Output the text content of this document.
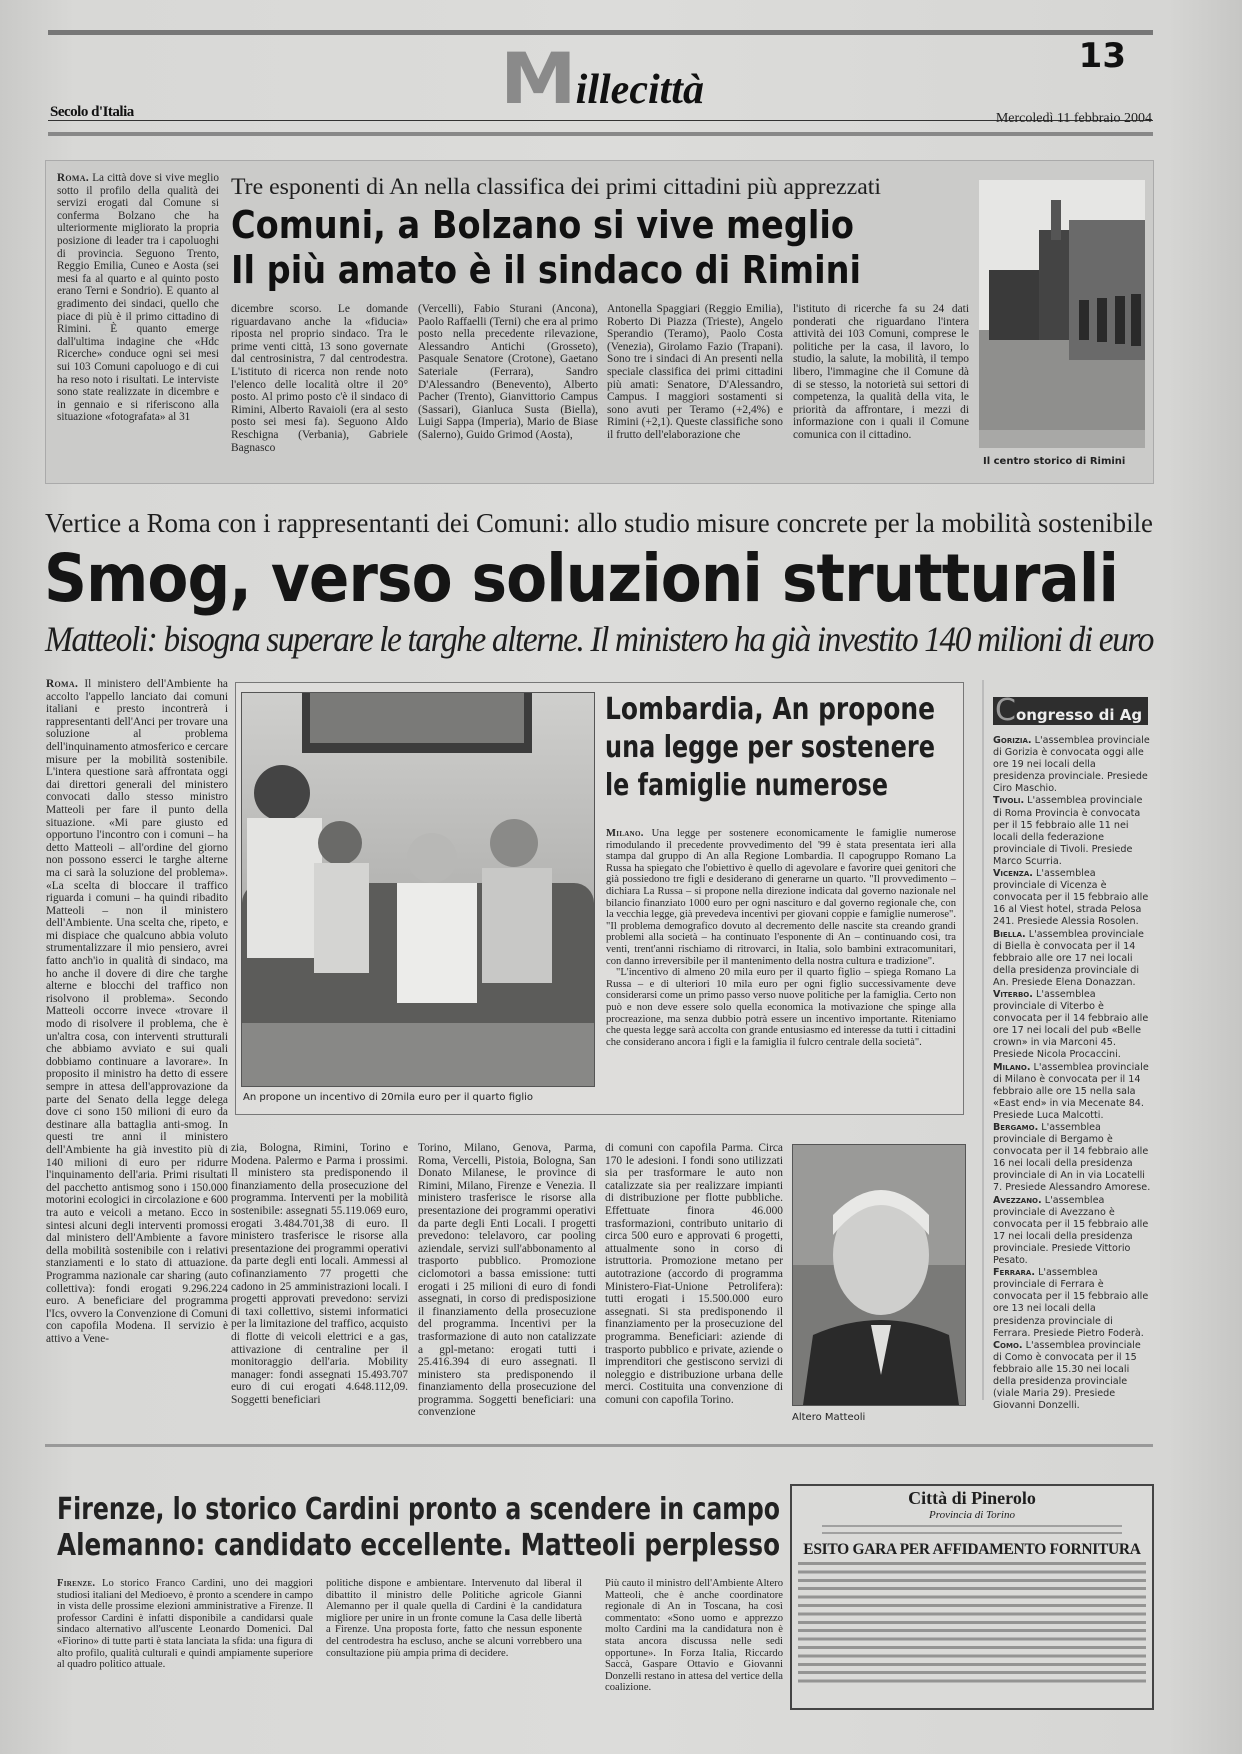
Millecittà
13
Secolo d'Italia	Mercoledì 11 febbraio 2004

Roma. La città dove si vive meglio sotto il profilo della qualità dei servizi erogati dal Comune si conferma Bolzano che ha ulteriormente migliorato la propria posizione di leader tra i capoluoghi di provincia. Seguono Trento, Reggio Emilia, Cuneo e Aosta (sei mesi fa al quarto e al quinto posto erano Terni e Sondrio). E quanto al gradimento dei sindaci, quello che piace di più è il primo cittadino di Rimini. È quanto emerge dall'ultima indagine che «Hdc Ricerche» conduce ogni sei mesi sui 103 Comuni capoluogo e di cui ha reso noto i risultati. Le interviste sono state realizzate in dicembre e in gennaio e si riferiscono alla situazione «fotografata» al 31

Tre esponenti di An nella classifica dei primi cittadini più apprezzati
Comuni, a Bolzano si vive meglio
Il più amato è il sindaco di Rimini
dicembre scorso. Le domande riguardavano anche la «fiducia» riposta nel proprio sindaco. Tra le prime venti città, 13 sono governate dal centrosinistra, 7 dal centrodestra. L'istituto di ricerca non rende noto l'elenco delle località oltre il 20° posto. Al primo posto c'è il sindaco di Rimini, Alberto Ravaioli (era al sesto posto sei mesi fa). Seguono Aldo Reschigna (Verbania), Gabriele Bagnasco
(Vercelli), Fabio Sturani (Ancona), Paolo Raffaelli (Terni) che era al primo posto nella precedente rilevazione, Alessandro Antichi (Grosseto), Pasquale Senatore (Crotone), Gaetano Sateriale (Ferrara), Sandro D'Alessandro (Benevento), Alberto Pacher (Trento), Gianvittorio Campus (Sassari), Gianluca Susta (Biella), Luigi Sappa (Imperia), Mario de Biase (Salerno), Guido Grimod (Aosta),
Antonella Spaggiari (Reggio Emilia), Roberto Di Piazza (Trieste), Angelo Sperandio (Teramo), Paolo Costa (Venezia), Girolamo Fazio (Trapani). Sono tre i sindaci di An presenti nella speciale classifica dei primi cittadini più amati: Senatore, D'Alessandro, Campus. I maggiori sostamenti si sono avuti per Teramo (+2,4%) e Rimini (+2,1). Queste classifiche sono il frutto dell'elaborazione che
l'istituto di ricerche fa su 24 dati ponderati che riguardano l'intera attività dei 103 Comuni, comprese le politiche per la casa, il lavoro, lo studio, la salute, la mobilità, il tempo libero, l'immagine che il Comune dà di se stesso, la notorietà sui settori di competenza, la qualità della vita, le priorità da affrontare, i mezzi di informazione con i quali il Comune comunica con il cittadino.
Il centro storico di Rimini
Vertice a Roma con i rappresentanti dei Comuni: allo studio misure concrete per la mobilità sostenibile
Smog, verso soluzioni strutturali
Matteoli: bisogna superare le targhe alterne. Il ministero ha già investito 140 milioni di euro

Roma. Il ministero dell'Ambiente ha accolto l'appello lanciato dai comuni italiani e presto incontrerà i rappresentanti dell'Anci per trovare una soluzione al problema dell'inquinamento atmosferico e cercare misure per la mobilità sostenibile. L'intera questione sarà affrontata oggi dai direttori generali del ministero convocati dallo stesso ministro Matteoli per fare il punto della situazione. «Mi pare giusto ed opportuno l'incontro con i comuni – ha detto Matteoli – all'ordine del giorno non possono esserci le targhe alterne ma ci sarà la soluzione del problema». «La scelta di bloccare il traffico riguarda i comuni – ha quindi ribadito Matteoli – non il ministero dell'Ambiente. Una scelta che, ripeto, e mi dispiace che qualcuno abbia voluto strumentalizzare il mio pensiero, avrei fatto anch'io in qualità di sindaco, ma ho anche il dovere di dire che targhe alterne e blocchi del traffico non risolvono il problema». Secondo Matteoli occorre invece «trovare il modo di risolvere il problema, che è un'altra cosa, con interventi strutturali che abbiamo avviato e sui quali dobbiamo continuare a lavorare». In proposito il ministro ha detto di essere sempre in attesa dell'approvazione da parte del Senato della legge delega dove ci sono 150 milioni di euro da destinare alla battaglia anti-smog. In questi tre anni il ministero dell'Ambiente ha già investito più di 140 milioni di euro per ridurre l'inquinamento dell'aria. Primi risultati del pacchetto antismog sono i 150.000 motorini ecologici in circolazione e 600 tra auto e veicoli a metano. Ecco in sintesi alcuni degli interventi promossi dal ministero dell'Ambiente a favore della mobilità sostenibile con i relativi stanziamenti e lo stato di attuazione. Programma nazionale car sharing (auto collettiva): fondi erogati 9.296.224 euro. A beneficiare del programma l'Ics, ovvero la Convenzione di Comuni con capofila Modena. Il servizio è attivo a Vene-

An propone un incentivo di 20mila euro per il quarto figlio
Lombardia, An propone
una legge per sostenere
le famiglie numerose

Milano. Una legge per sostenere economicamente le famiglie numerose rimodulando il precedente provvedimento del '99 è stata presentata ieri alla stampa dal gruppo di An alla Regione Lombardia. Il capogruppo Romano La Russa ha spiegato che l'obiettivo è quello di agevolare e favorire quei genitori che già possiedono tre figli e desiderano di generarne un quarto. "Il provvedimento – dichiara La Russa – si propone nella direzione indicata dal governo nazionale nel bilancio finanziato 1000 euro per ogni nascituro e dal governo regionale che, con la vecchia legge, già prevedeva incentivi per giovani coppie e famiglie numerose". "Il problema demografico dovuto al decremento delle nascite sta creando grandi problemi alla società – ha continuato l'esponente di An – continuando così, tra venti, trent'anni rischiamo di ritrovarci, in Italia, solo bambini extracomunitari, con danno irreversibile per il mantenimento della nostra cultura e tradizione".

"L'incentivo di almeno 20 mila euro per il quarto figlio – spiega Romano La Russa – e di ulteriori 10 mila euro per ogni figlio successivamente deve considerarsi come un primo passo verso nuove politiche per la famiglia. Certo non può e non deve essere solo quella economica la motivazione che spinge alla procreazione, ma senza dubbio potrà essere un incentivo importante. Riteniamo che questa legge sarà accolta con grande entusiasmo ed interesse da tutti i cittadini che considerano ancora i figli e la famiglia il fulcro centrale della società".

Congresso di Ag

Gorizia. L'assemblea provinciale di Gorizia è convocata oggi alle ore 19 nei locali della presidenza provinciale. Presiede Ciro Maschio.

Tivoli. L'assemblea provinciale di Roma Provincia è convocata per il 15 febbraio alle 11 nei locali della federazione provinciale di Tivoli. Presiede Marco Scurria.

Vicenza. L'assemblea provinciale di Vicenza è convocata per il 15 febbraio alle 16 al Viest hotel, strada Pelosa 241. Presiede Alessia Rosolen.

Biella. L'assemblea provinciale di Biella è convocata per il 14 febbraio alle ore 17 nei locali della presidenza provinciale di An. Presiede Elena Donazzan.

Viterbo. L'assemblea provinciale di Viterbo è convocata per il 14 febbraio alle ore 17 nei locali del pub «Belle crown» in via Marconi 45. Presiede Nicola Procaccini.

Milano. L'assemblea provinciale di Milano è convocata per il 14 febbraio alle ore 15 nella sala «East end» in via Mecenate 84. Presiede Luca Malcotti.

Bergamo. L'assemblea provinciale di Bergamo è convocata per il 14 febbraio alle 16 nei locali della presidenza provinciale di An in via Locatelli 7. Presiede Alessandro Amorese.

Avezzano. L'assemblea provinciale di Avezzano è convocata per il 15 febbraio alle 17 nei locali della presidenza provinciale. Presiede Vittorio Pesato.

Ferrara. L'assemblea provinciale di Ferrara è convocata per il 15 febbraio alle ore 13 nei locali della presidenza provinciale di Ferrara. Presiede Pietro Foderà.

Como. L'assemblea provinciale di Como è convocata per il 15 febbraio alle 15.30 nei locali della presidenza provinciale (viale Maria 29). Presiede Giovanni Donzelli.

zia, Bologna, Rimini, Torino e Modena. Palermo e Parma i prossimi. Il ministero sta predisponendo il finanziamento della prosecuzione del programma. Interventi per la mobilità sostenibile: assegnati 55.119.069 euro, erogati 3.484.701,38 di euro. Il ministero trasferisce le risorse alla presentazione dei programmi operativi da parte degli enti locali. Ammessi al cofinanziamento 77 progetti che cadono in 25 amministrazioni locali. I progetti approvati prevedono: servizi di taxi collettivo, sistemi informatici per la limitazione del traffico, acquisto di flotte di veicoli elettrici e a gas, attivazione di centraline per il monitoraggio dell'aria. Mobility manager: fondi assegnati 15.493.707 euro di cui erogati 4.648.112,09. Soggetti beneficiari
Torino, Milano, Genova, Parma, Roma, Vercelli, Pistoia, Bologna, San Donato Milanese, le province di Rimini, Milano, Firenze e Venezia. Il ministero trasferisce le risorse alla presentazione dei programmi operativi da parte degli Enti Locali. I progetti prevedono: telelavoro, car pooling aziendale, servizi sull'abbonamento al trasporto pubblico. Promozione ciclomotori a bassa emissione: tutti erogati i 25 milioni di euro di fondi assegnati, in corso di predisposizione il finanziamento della prosecuzione del programma. Incentivi per la trasformazione di auto non catalizzate a gpl-metano: erogati tutti i 25.416.394 di euro assegnati. Il ministero sta predisponendo il finanziamento della prosecuzione del programma. Soggetti beneficiari: una convenzione
di comuni con capofila Parma. Circa 170 le adesioni. I fondi sono utilizzati sia per trasformare le auto non catalizzate sia per realizzare impianti di distribuzione per flotte pubbliche. Effettuate finora 46.000 trasformazioni, contributo unitario di circa 500 euro e approvati 6 progetti, attualmente sono in corso di istruttoria. Promozione metano per autotrazione (accordo di programma Ministero-Fiat-Unione Petrolifera): tutti erogati i 15.500.000 euro assegnati. Si sta predisponendo il finanziamento per la prosecuzione del programma. Beneficiari: aziende di trasporto pubblico e private, aziende o imprenditori che gestiscono servizi di noleggio e distribuzione urbana delle merci. Costituita una convenzione di comuni con capofila Torino.
Altero Matteoli
Firenze, lo storico Cardini pronto a scendere in campo
Alemanno: candidato eccellente. Matteoli perplesso

Firenze. Lo storico Franco Cardini, uno dei maggiori studiosi italiani del Medioevo, è pronto a scendere in campo in vista delle prossime elezioni amministrative a Firenze. Il professor Cardini è infatti disponibile a candidarsi quale sindaco alternativo all'uscente Leonardo Domenici. Dal «Fiorino» di tutte parti è stata lanciata la sfida: una figura di alto profilo, qualità culturali e quindi ampiamente superiore al quadro politico attuale.

politiche dispone e ambientare. Intervenuto dal liberal il dibattito il ministro delle Politiche agricole Gianni Alemanno per il quale quella di Cardini è la candidatura migliore per unire in un fronte comune la Casa delle libertà a Firenze. Una proposta forte, fatto che nessun esponente del centrodestra ha escluso, anche se alcuni vorrebbero una consultazione più ampia prima di decidere.
Più cauto il ministro dell'Ambiente Altero Matteoli, che è anche coordinatore regionale di An in Toscana, ha così commentato: «Sono uomo e apprezzo molto Cardini ma la candidatura non è stata ancora discussa nelle sedi opportune». In Forza Italia, Riccardo Saccà, Gaspare Ottavio e Giovanni Donzelli restano in attesa del vertice della coalizione.
Città di Pinerolo
Provincia di Torino
ESITO GARA PER AFFIDAMENTO FORNITURA
